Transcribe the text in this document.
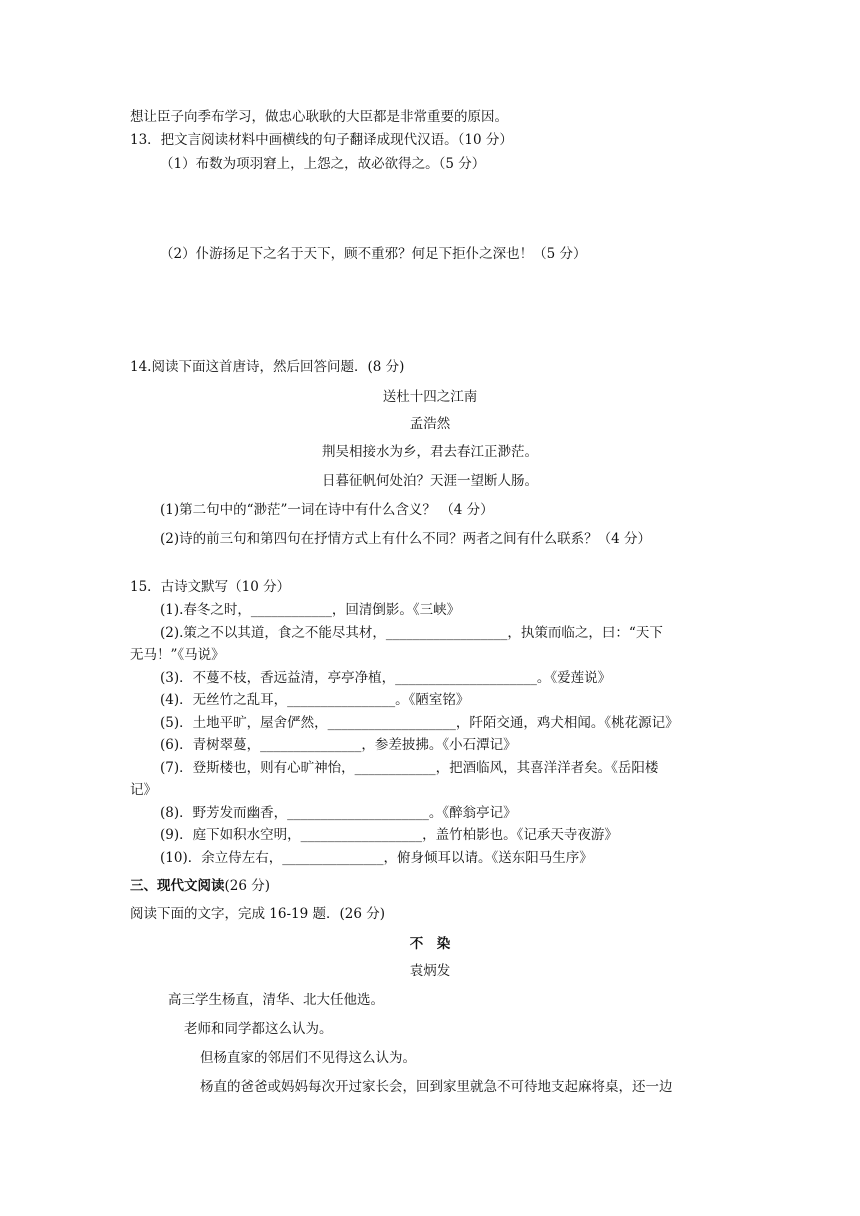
想让臣子向季布学习，做忠心耿耿的大臣都是非常重要的原因。
13．把文言阅读材料中画横线的句子翻译成现代汉语。（10 分）
（1）布数为项羽窘上，上怨之，故必欲得之。（5 分）
（2）仆游扬足下之名于天下，顾不重邪？何足下拒仆之深也！（5 分）
14.阅读下面这首唐诗，然后回答问题．(8 分)
送杜十四之江南
孟浩然
荆吴相接水为乡，君去春江正渺茫。
日暮征帆何处泊？天涯一望断人肠。
(1)第二句中的“渺茫”一词在诗中有什么含义？ （4 分）
(2)诗的前三句和第四句在抒情方式上有什么不同？两者之间有什么联系？（4 分）
15．古诗文默写（10 分）
(1).春冬之时，____________，回清倒影。《三峡》
(2).策之不以其道，食之不能尽其材，__________________，执策而临之，曰：“天下
无马！”《马说》
(3)．不蔓不枝，香远益清，亭亭净植，_____________________。《爱莲说》
(4)．无丝竹之乱耳，________________。《陋室铭》
(5)．土地平旷，屋舍俨然，___________________，阡陌交通，鸡犬相闻。《桃花源记》
(6)．青树翠蔓，_______________，参差披拂。《小石潭记》
(7)．登斯楼也，则有心旷神怡，____________，把酒临风，其喜洋洋者矣。《岳阳楼
记》
(8)．野芳发而幽香，_____________________。《醉翁亭记》
(9)．庭下如积水空明，__________________，盖竹柏影也。《记承天寺夜游》
(10)．余立侍左右，_______________，俯身倾耳以请。《送东阳马生序》
三、现代文阅读(26 分)
阅读下面的文字，完成 16-19 题．(26 分)
不　染
袁炳发
高三学生杨直，清华、北大任他选。
老师和同学都这么认为。
但杨直家的邻居们不见得这么认为。
杨直的爸爸或妈妈每次开过家长会，回到家里就急不可待地支起麻将桌，还一边
